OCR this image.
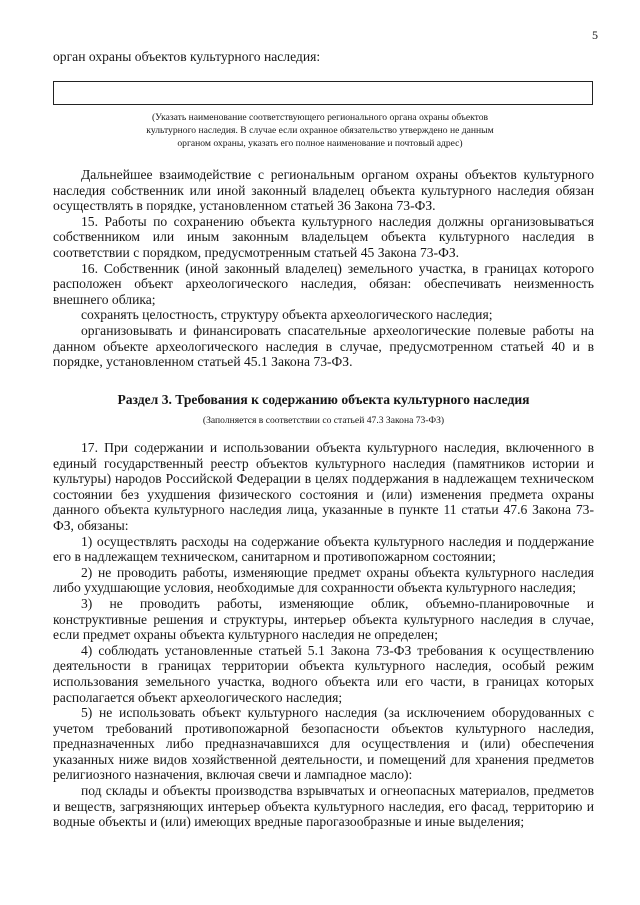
5
орган охраны объектов культурного наследия:
(Указать наименование соответствующего регионального органа охраны объектов
культурного наследия. В случае если охранное обязательство утверждено не данным
органом охраны, указать его полное наименование и почтовый адрес)

Дальнейшее взаимодействие с региональным органом охраны объектов культурного наследия собственник или иной законный владелец объекта культурного наследия обязан осуществлять в порядке, установленном статьей 36 Закона 73-ФЗ.

15. Работы по сохранению объекта культурного наследия должны организовываться собственником или иным законным владельцем объекта культурного наследия в соответствии с порядком, предусмотренным статьей 45 Закона 73-ФЗ.

16. Собственник (иной законный владелец) земельного участка, в границах которого расположен объект археологического наследия, обязан: обеспечивать неизменность внешнего облика;

сохранять целостность, структуру объекта археологического наследия;

организовывать и финансировать спасательные археологические полевые работы на данном объекте археологического наследия в случае, предусмотренном статьей 40 и в порядке, установленном статьей 45.1 Закона 73-ФЗ.

Раздел 3. Требования к содержанию объекта культурного наследия
(Заполняется в соответствии со статьей 47.3 Закона 73-ФЗ)

17. При содержании и использовании объекта культурного наследия, включенного в единый государственный реестр объектов культурного наследия (памятников истории и культуры) народов Российской Федерации в целях поддержания в надлежащем техническом состоянии без ухудшения физического состояния и (или) изменения предмета охраны данного объекта культурного наследия лица, указанные в пункте 11 статьи 47.6 Закона 73-ФЗ, обязаны:

1) осуществлять расходы на содержание объекта культурного наследия и поддержание его в надлежащем техническом, санитарном и противопожарном состоянии;

2) не проводить работы, изменяющие предмет охраны объекта культурного наследия либо ухудшающие условия, необходимые для сохранности объекта культурного наследия;

3) не проводить работы, изменяющие облик, объемно-планировочные и конструктивные решения и структуры, интерьер объекта культурного наследия в случае, если предмет охраны объекта культурного наследия не определен;

4) соблюдать установленные статьей 5.1 Закона 73-ФЗ требования к осуществлению деятельности в границах территории объекта культурного наследия, особый режим использования земельного участка, водного объекта или его части, в границах которых располагается объект археологического наследия;

5) не использовать объект культурного наследия (за исключением оборудованных с учетом требований противопожарной безопасности объектов культурного наследия, предназначенных либо предназначавшихся для осуществления и (или) обеспечения указанных ниже видов хозяйственной деятельности, и помещений для хранения предметов религиозного назначения, включая свечи и лампадное масло):

под склады и объекты производства взрывчатых и огнеопасных материалов, предметов и веществ, загрязняющих интерьер объекта культурного наследия, его фасад, территорию и водные объекты и (или) имеющих вредные парогазообразные и иные выделения;
